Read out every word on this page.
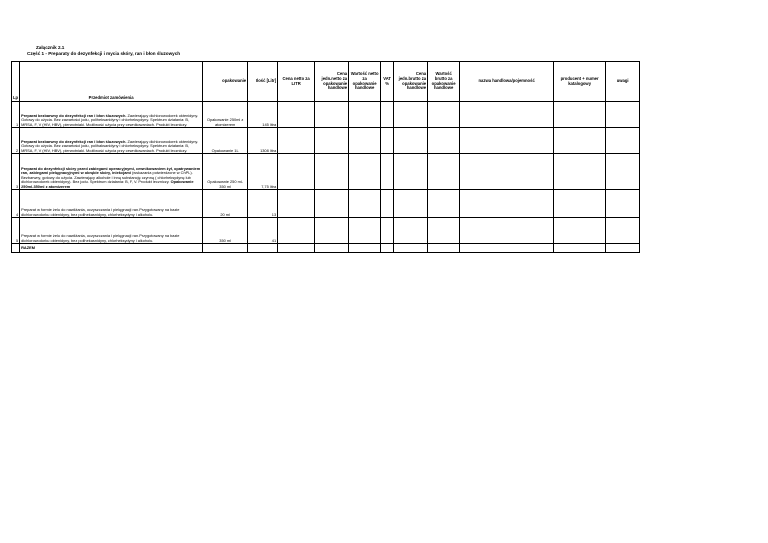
Załącznik 2.1
Część 1 - Preparaty do dezynfekcji i mycia skóry, ran i błon śluzowych
Lp	Przedmiot zamówienia	opakowanie	Ilość [Litr]	Cena netto za LITR	Cena jedn.netto za opakowanie handlowe	Wartość netto za opakowanie handlowe	VAT %	Cena jedn.brutto za opakowanie handlowe	Wartość brutto za opakowanie handlowe	nazwa handlowa/pojemność	producent + numer katalogowy	uwagi
1	Preparat bezbarwny do dezynfekcji ran i błon śluzowych. Zawierający dichlorowodorek oktenidyny. Gotowy do użycia. Bez zawartości jodu, poliheksanidyny i chlorheksydyny. Spektrum działania: B, MRSA, F, V (HIV, HBV), pierwotniaki. Możliwość użycia przy cewnikowaniach. Produkt leczniczy.	Opakowanie 250ml z atomizerem	145 litra									
2	Preparat bezbarwny do dezynfekcji ran i błon śluzowych. Zawierający dichlorowodorek oktenidyny. Gotowy do użycia. Bez zawartości jodu, polihaksanidyny i chlorheksydyny. Spektrum działania: B, MRSA, F, V (HIV, HBV), pierwotniaki. Możliwość użycia przy cewnikowaniach. Produkt leczniczy.	Opakowanie 1L	1308 litra									
3	Preparat do dezynfekcji skóry przed zabiegami operacyjnymi, cewnikowaniem żył, opatrywaniem ran, zabiegami pielęgnacyjnymi w obrębie skóry, iniekcjami (wskazania potwierdzone w ChPL). Bezbarwny, gotowy do użycia. Zawierający alkohole i inną substancję czynną ( chlorheksydynę lub dichlorowodorek oktenidyny). Bez jodu. Spektrum działania: B, F, V. Produkt leczniczy. Opakowanie 250ml-350ml z atomizerem	Opakowanie 250 ml-350 ml	7,75 litra									
4	Preparat w formie żelu do nawilżania, oczyszczania i pielęgnacji ran.Przygotowany na bazie dichlorowodorku oktenidyny, bez polihekasnidyny, chlorheksydyny i alkoholu.	20 ml	13									
5	Preparat w formie żelu do nawilżania, oczyszczania i pielęgnacji ran.Przygotowany na bazie dichlorowodorku oktenidyny, bez polihekasnidyny, chlorheksydyny i alkoholu.	350 ml	41									
	RAZEM											
